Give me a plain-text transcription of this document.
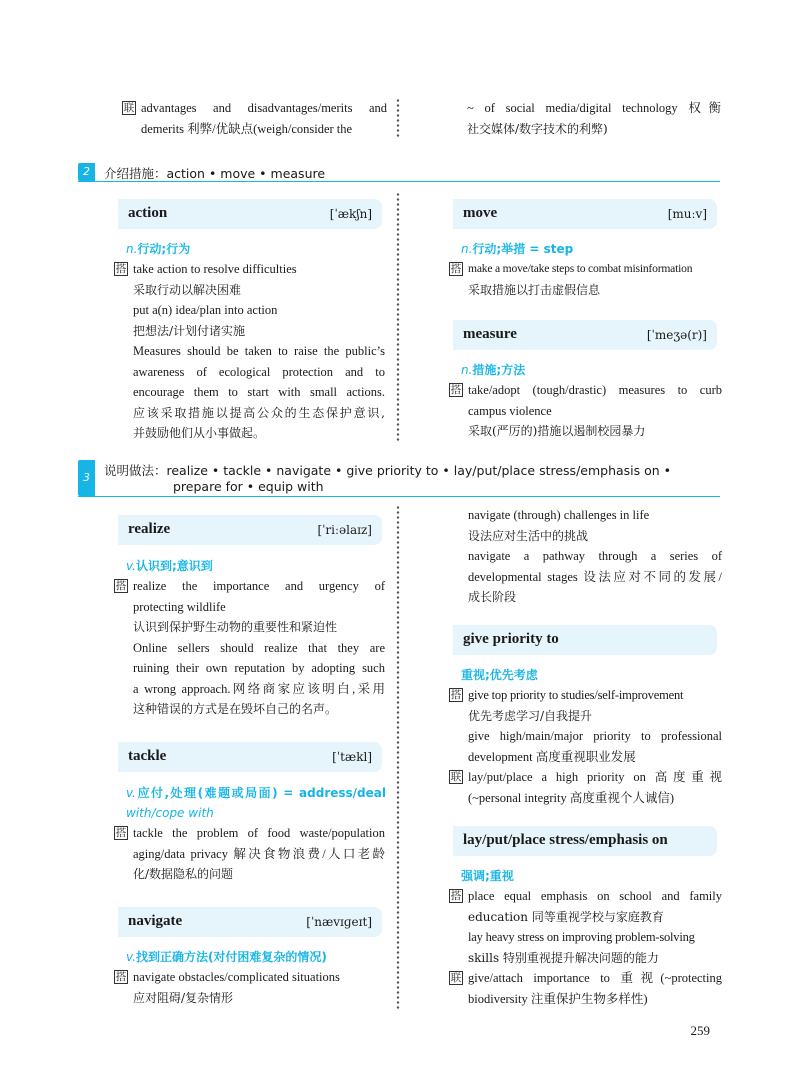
联 advantages and disadvantages/merits and

demerits 利弊/优缺点(weigh/consider the

~ of social media/digital technology 权衡

社交媒体/数字技术的利弊)

2	介绍措施：action • move • measure
action	[ˈækʃn]
n.行动;行为
搭 take action to resolve difficulties

采取行动以解决困难

put a(n) idea/plan into action

把想法/计划付诸实施

Measures should be taken to raise the public’s

awareness of ecological protection and to

encourage them to start with small actions.

应该采取措施以提高公众的生态保护意识,

并鼓励他们从小事做起。

move	[muːv]
n.行动;举措 = step
搭 make a move/take steps to combat misinformation

采取措施以打击虚假信息

measure	[ˈmeʒə(r)]
n.措施;方法
搭 take/adopt (tough/drastic) measures to curb

campus violence

采取(严厉的)措施以遏制校园暴力

3	说明做法：realize • tackle • navigate • give priority to • lay/put/place stress/emphasis on •
prepare for • equip with
realize	[ˈriːəlaɪz]
v.认识到;意识到
搭 realize the importance and urgency of

protecting wildlife

认识到保护野生动物的重要性和紧迫性

Online sellers should realize that they are

ruining their own reputation by adopting such

a wrong approach.网络商家应该明白,采用

这种错误的方式是在毁坏自己的名声。

tackle	[ˈtækl]
v.应付,处理(难题或局面) = address/deal
with/cope with
搭 tackle the problem of food waste/population

aging/data privacy 解决食物浪费/人口老龄

化/数据隐私的问题

navigate	[ˈnævɪɡeɪt]
v.找到正确方法(对付困难复杂的情况)
搭 navigate obstacles/complicated situations

应对阻碍/复杂情形

navigate (through) challenges in life

设法应对生活中的挑战

navigate a pathway through a series of

developmental stages 设法应对不同的发展/

成长阶段

give priority to
重视;优先考虑
搭 give top priority to studies/self-improvement

优先考虑学习/自我提升

give high/main/major priority to professional

development 高度重视职业发展

联 lay/put/place a high priority on 高度重视

(~personal integrity 高度重视个人诚信)

lay/put/place stress/emphasis on
强调;重视
搭 place equal emphasis on school and family

education 同等重视学校与家庭教育

lay heavy stress on improving problem-solving

skills 特别重视提升解决问题的能力

联 give/attach importance to 重视(~protecting

biodiversity 注重保护生物多样性)

259
